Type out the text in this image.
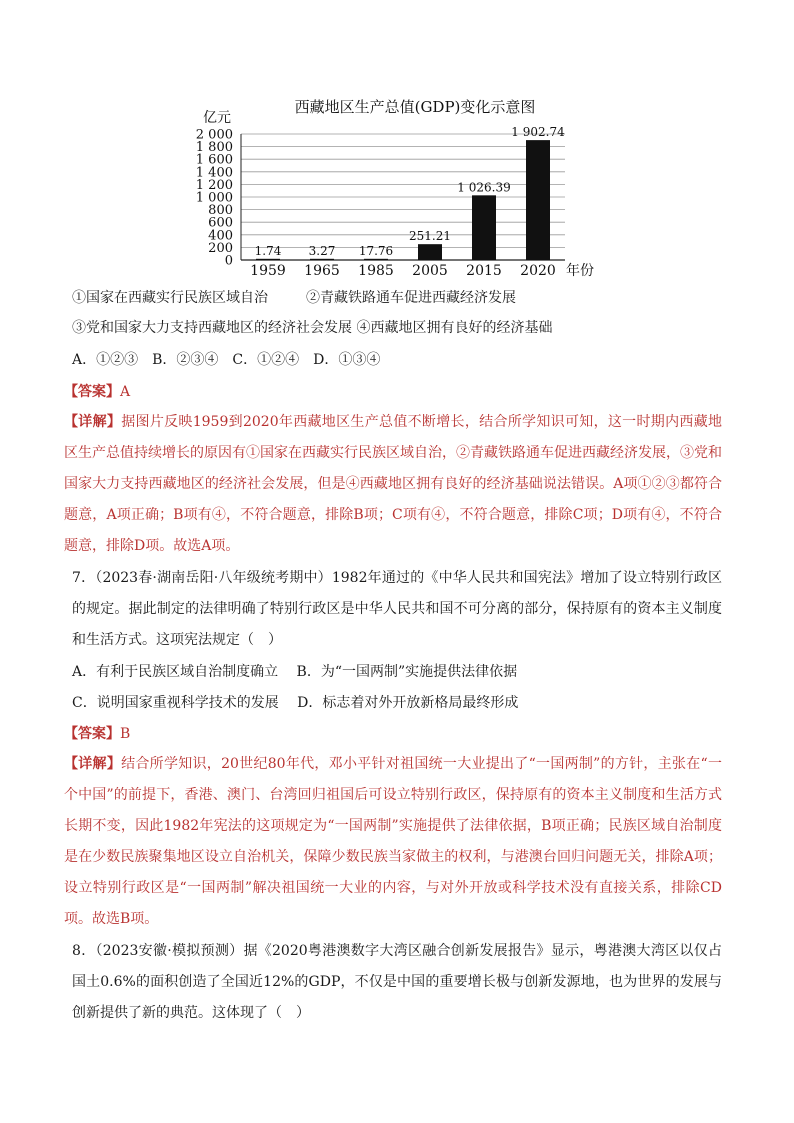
西藏地区生产总值(GDP)变化示意图
亿元
0
200
400
600
800
1 000
1 200
1 400
1 600
1 800
2 000
1.74 3.27 17.76
251.21
1 026.39
1 902.74
1959 1965 1985 2005 2015 2020 年份
①国家在西藏实行民族区域自治	②青藏铁路通车促进西藏经济发展
③党和国家大力支持西藏地区的经济社会发展 ④西藏地区拥有良好的经济基础
A．①②③　B．②③④　C．①②④　D．①③④
【答案】A

【详解】据图片反映1959到2020年西藏地区生产总值不断增长，结合所学知识可知，这一时期内西藏地区生产总值持续增长的原因有①国家在西藏实行民族区域自治，②青藏铁路通车促进西藏经济发展，③党和国家大力支持西藏地区的经济社会发展，但是④西藏地区拥有良好的经济基础说法错误。A项①②③都符合题意，A项正确；B项有④，不符合题意，排除B项；C项有④，不符合题意，排除C项；D项有④，不符合题意，排除D项。故选A项。

7．（2023春·湖南岳阳·八年级统考期中）1982年通过的《中华人民共和国宪法》增加了设立特别行政区的规定。据此制定的法律明确了特别行政区是中华人民共和国不可分离的部分，保持原有的资本主义制度和生活方式。这项宪法规定（　）

A．有利于民族区域自治制度确立　 B．为“一国两制”实施提供法律依据
C．说明国家重视科学技术的发展　 D．标志着对外开放新格局最终形成
【答案】B

【详解】结合所学知识，20世纪80年代，邓小平针对祖国统一大业提出了“一国两制”的方针，主张在“一个中国”的前提下，香港、澳门、台湾回归祖国后可设立特别行政区，保持原有的资本主义制度和生活方式长期不变，因此1982年宪法的这项规定为“一国两制”实施提供了法律依据，B项正确；民族区域自治制度是在少数民族聚集地区设立自治机关，保障少数民族当家做主的权利，与港澳台回归问题无关，排除A项；设立特别行政区是“一国两制”解决祖国统一大业的内容，与对外开放或科学技术没有直接关系，排除CD项。故选B项。

8．（2023安徽·模拟预测）据《2020粤港澳数字大湾区融合创新发展报告》显示，粤港澳大湾区以仅占国土0.6%的面积创造了全国近12%的GDP，不仅是中国的重要增长极与创新发源地，也为世界的发展与创新提供了新的典范。这体现了（　）
